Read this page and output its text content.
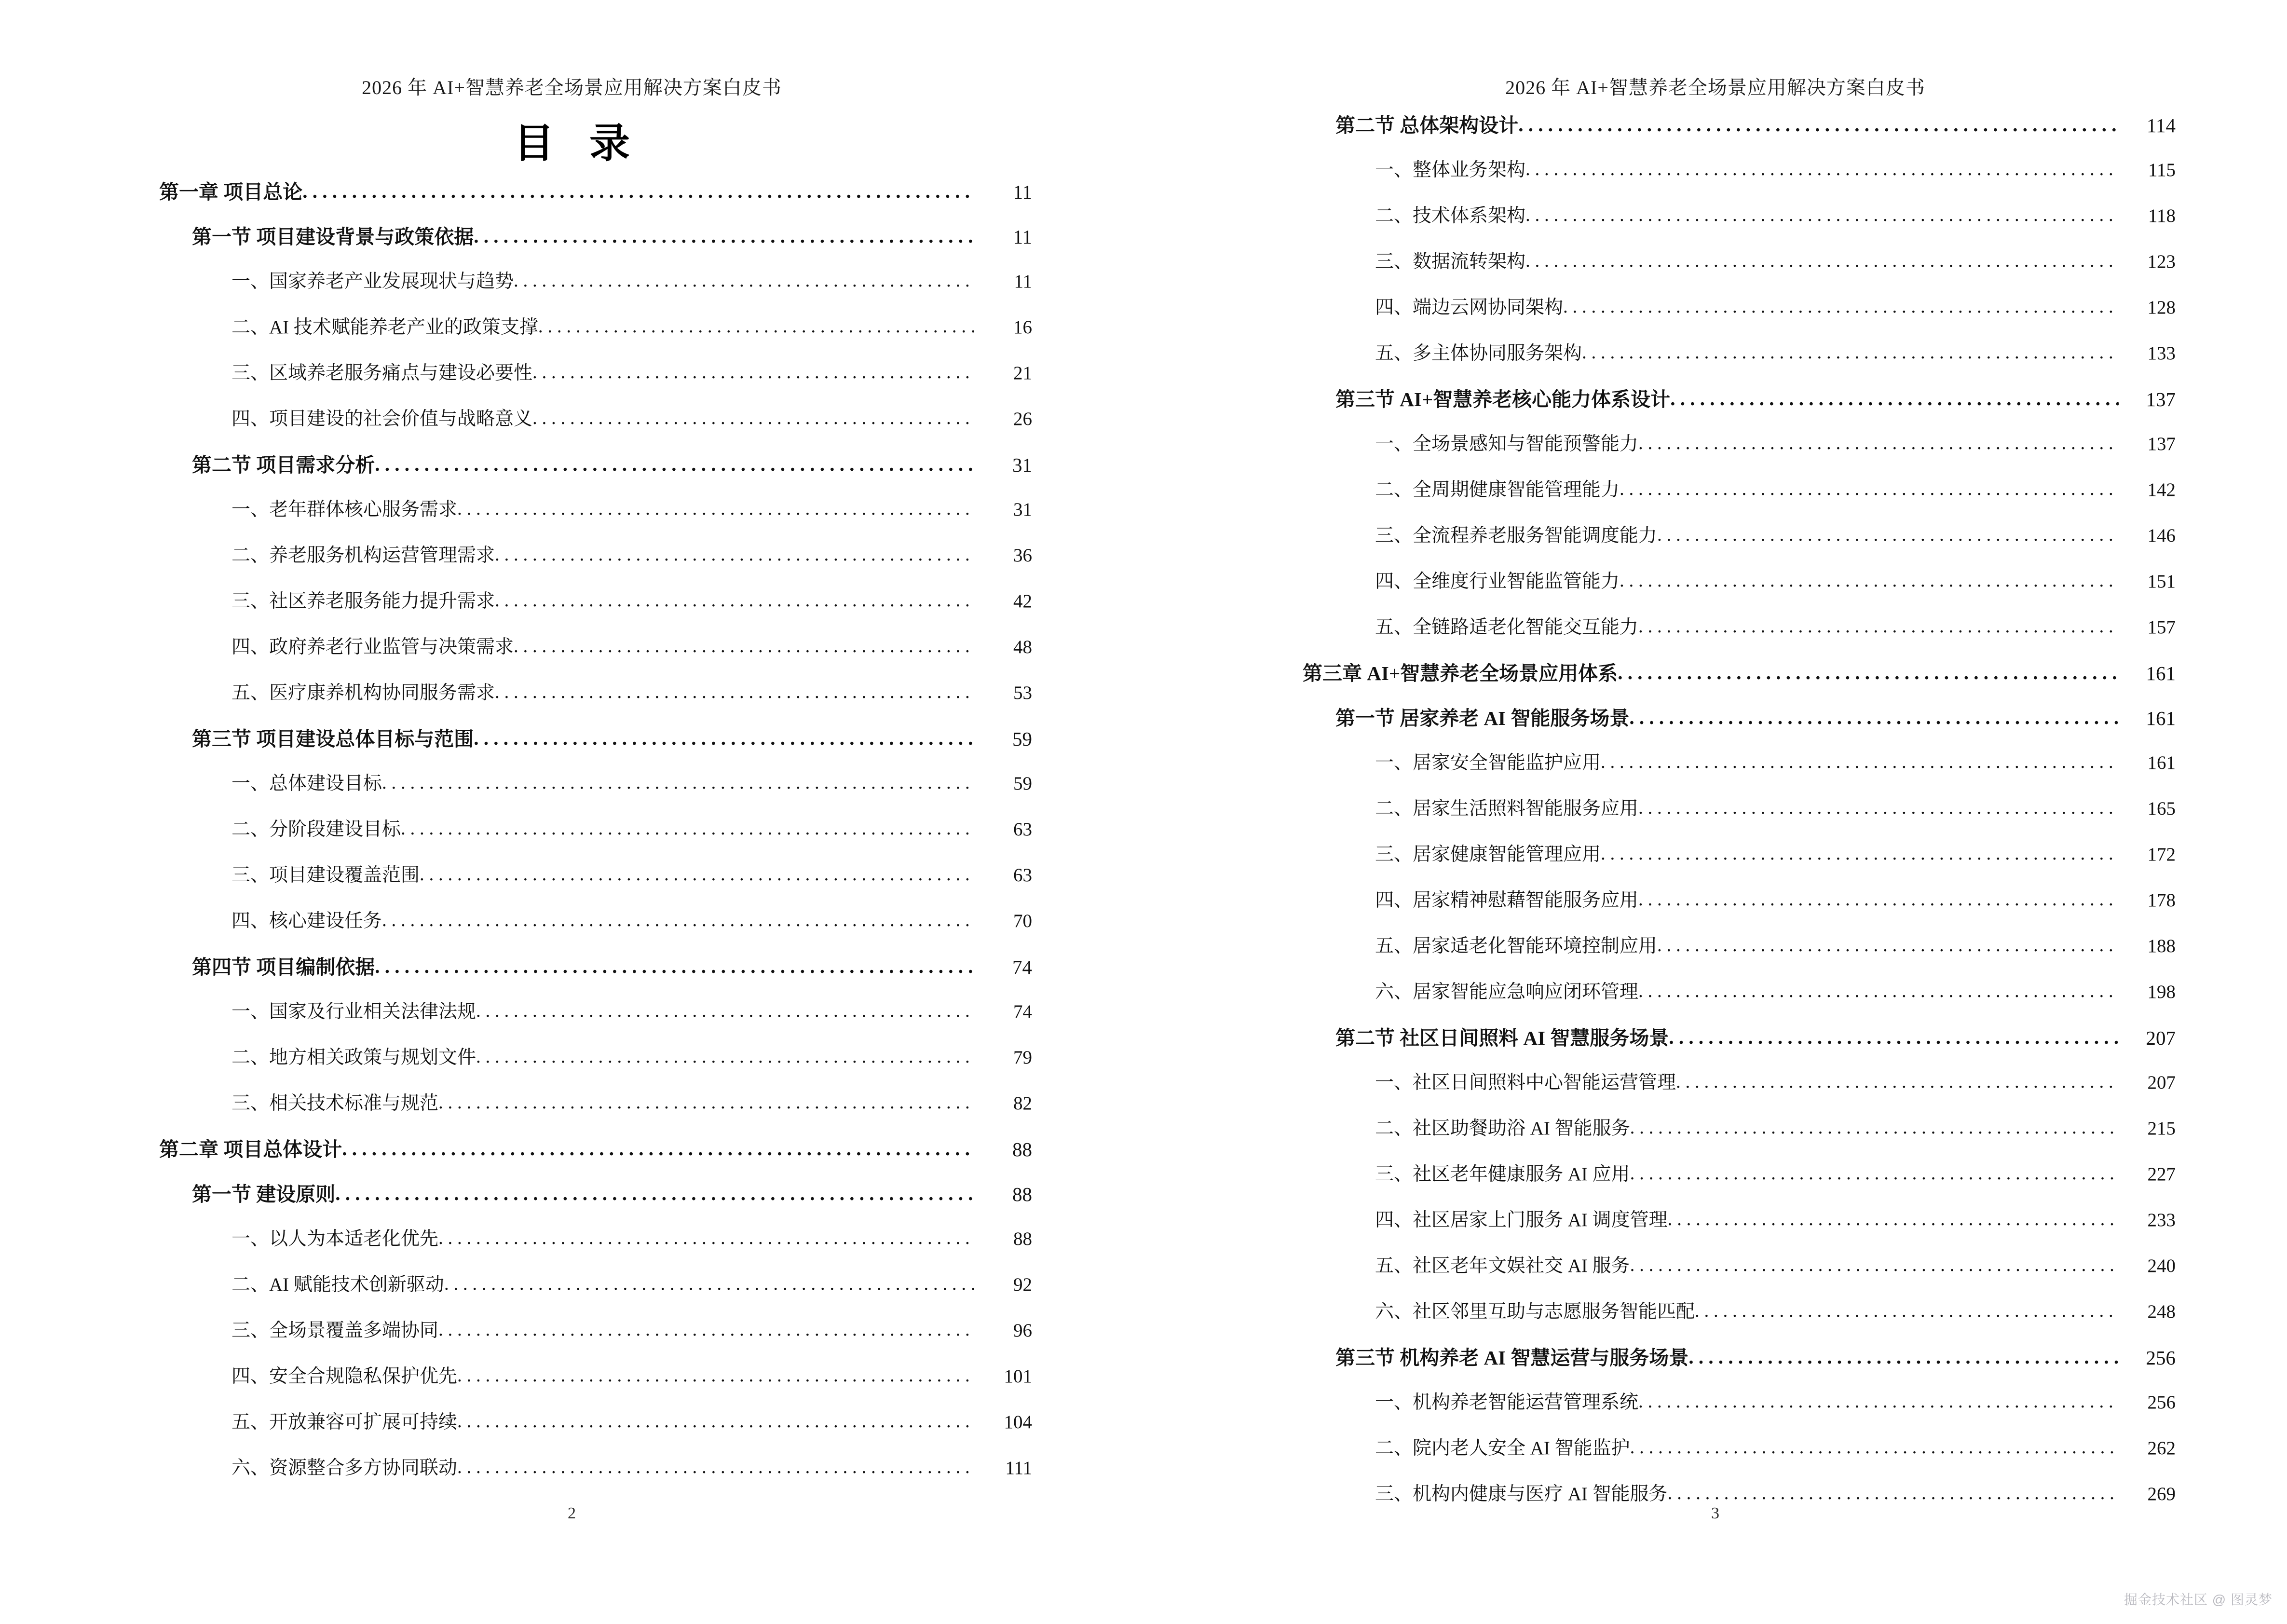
2026 年 AI+智慧养老全场景应用解决方案白皮书
目 录
第一章 项目总论 . . .	11
第一节 项目建设背景与政策依据 . . .	11
一、国家养老产业发展现状与趋势 . . .	11
二、AI 技术赋能养老产业的政策支撑 . . .	16
三、区域养老服务痛点与建设必要性 . . .	21
四、项目建设的社会价值与战略意义 . . .	26
第二节 项目需求分析 . . .	31
一、老年群体核心服务需求 . . .	31
二、养老服务机构运营管理需求 . . .	36
三、社区养老服务能力提升需求 . . .	42
四、政府养老行业监管与决策需求 . . .	48
五、医疗康养机构协同服务需求 . . .	53
第三节 项目建设总体目标与范围 . . .	59
一、总体建设目标 . . .	59
二、分阶段建设目标 . . .	63
三、项目建设覆盖范围 . . .	63
四、核心建设任务 . . .	70
第四节 项目编制依据 . . .	74
一、国家及行业相关法律法规 . . .	74
二、地方相关政策与规划文件 . . .	79
三、相关技术标准与规范 . . .	82
第二章 项目总体设计 . . .	88
第一节 建设原则 . . .	88
一、以人为本适老化优先 . . .	88
二、AI 赋能技术创新驱动 . . .	92
三、全场景覆盖多端协同 . . .	96
四、安全合规隐私保护优先 . . .	101
五、开放兼容可扩展可持续 . . .	104
六、资源整合多方协同联动 . . .	111
2
2026 年 AI+智慧养老全场景应用解决方案白皮书
第二节 总体架构设计 . . .	114
一、整体业务架构 . . .	115
二、技术体系架构 . . .	118
三、数据流转架构 . . .	123
四、端边云网协同架构 . . .	128
五、多主体协同服务架构 . . .	133
第三节 AI+智慧养老核心能力体系设计 . . .	137
一、全场景感知与智能预警能力 . . .	137
二、全周期健康智能管理能力 . . .	142
三、全流程养老服务智能调度能力 . . .	146
四、全维度行业智能监管能力 . . .	151
五、全链路适老化智能交互能力 . . .	157
第三章 AI+智慧养老全场景应用体系 . . .	161
第一节 居家养老 AI 智能服务场景 . . .	161
一、居家安全智能监护应用 . . .	161
二、居家生活照料智能服务应用 . . .	165
三、居家健康智能管理应用 . . .	172
四、居家精神慰藉智能服务应用 . . .	178
五、居家适老化智能环境控制应用 . . .	188
六、居家智能应急响应闭环管理 . . .	198
第二节 社区日间照料 AI 智慧服务场景 . . .	207
一、社区日间照料中心智能运营管理 . . .	207
二、社区助餐助浴 AI 智能服务 . . .	215
三、社区老年健康服务 AI 应用 . . .	227
四、社区居家上门服务 AI 调度管理 . . .	233
五、社区老年文娱社交 AI 服务 . . .	240
六、社区邻里互助与志愿服务智能匹配 . . .	248
第三节 机构养老 AI 智慧运营与服务场景 . . .	256
一、机构养老智能运营管理系统 . . .	256
二、院内老人安全 AI 智能监护 . . .	262
三、机构内健康与医疗 AI 智能服务 . . .	269
3
掘金技术社区 @ 图灵梦
